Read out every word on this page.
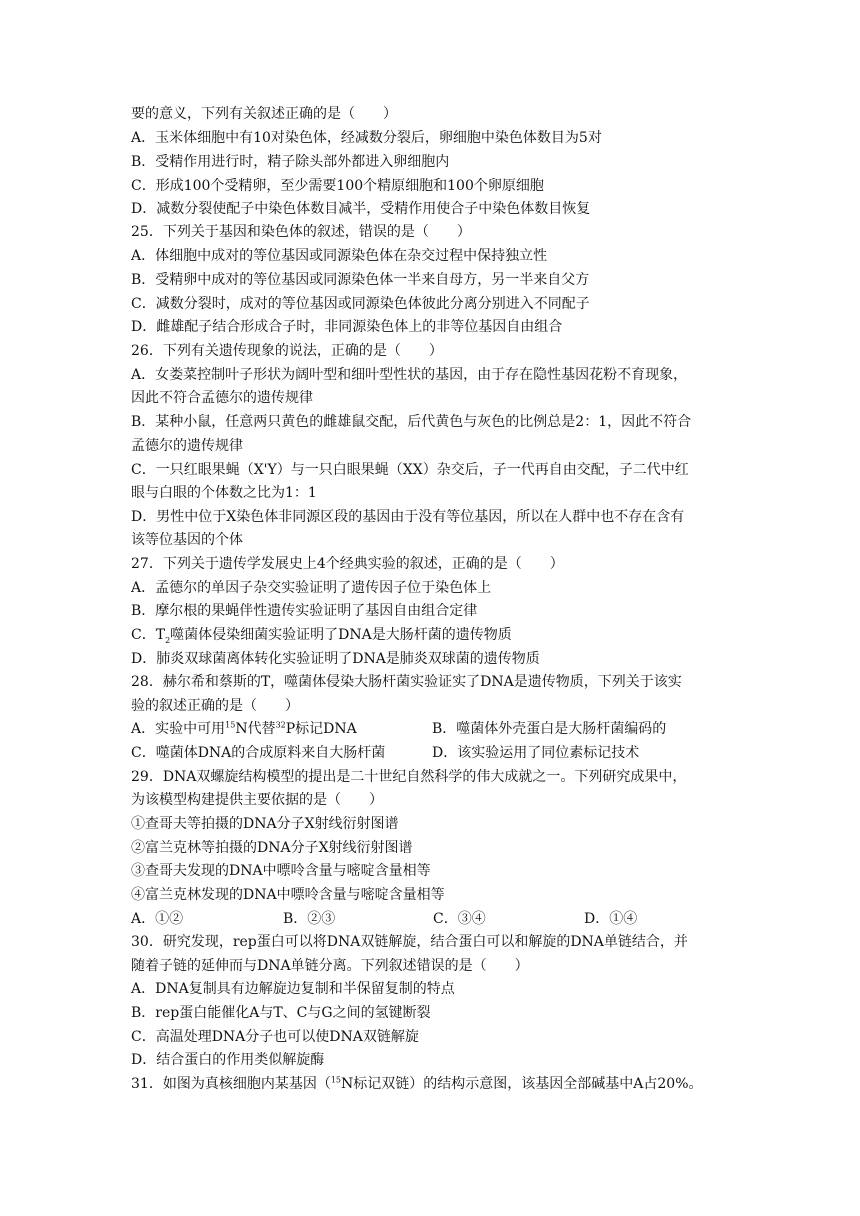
要的意义，下列有关叙述正确的是（　　）
A．玉米体细胞中有10对染色体，经减数分裂后，卵细胞中染色体数目为5对
B．受精作用进行时，精子除头部外都进入卵细胞内
C．形成100个受精卵，至少需要100个精原细胞和100个卵原细胞
D．减数分裂使配子中染色体数目减半，受精作用使合子中染色体数目恢复
25．下列关于基因和染色体的叙述，错误的是（　　）
A．体细胞中成对的等位基因或同源染色体在杂交过程中保持独立性
B．受精卵中成对的等位基因或同源染色体一半来自母方，另一半来自父方
C．减数分裂时，成对的等位基因或同源染色体彼此分离分别进入不同配子
D．雌雄配子结合形成合子时，非同源染色体上的非等位基因自由组合
26．下列有关遗传现象的说法，正确的是（　　）
A．女娄菜控制叶子形状为阔叶型和细叶型性状的基因，由于存在隐性基因花粉不育现象，
因此不符合孟德尔的遗传规律
B．某种小鼠，任意两只黄色的雌雄鼠交配，后代黄色与灰色的比例总是2：1，因此不符合
孟德尔的遗传规律
C．一只红眼果蝇（X'Y）与一只白眼果蝇（XX）杂交后，子一代再自由交配，子二代中红
眼与白眼的个体数之比为1：1
D．男性中位于X染色体非同源区段的基因由于没有等位基因，所以在人群中也不存在含有
该等位基因的个体
27．下列关于遗传学发展史上4个经典实验的叙述，正确的是（　　）
A．孟德尔的单因子杂交实验证明了遗传因子位于染色体上
B．摩尔根的果蝇伴性遗传实验证明了基因自由组合定律
C．$T_2$噬菌体侵染细菌实验证明了DNA是大肠杆菌的遗传物质
D．肺炎双球菌离体转化实验证明了DNA是肺炎双球菌的遗传物质
28．赫尔希和蔡斯的T，噬菌体侵染大肠杆菌实验证实了DNA是遗传物质，下列关于该实
验的叙述正确的是（　　）
A．实验中可用$^{15}$N代替$^{32}$P标记DNA	B．噬菌体外壳蛋白是大肠杆菌编码的
C．噬菌体DNA的合成原料来自大肠杆菌	D．该实验运用了同位素标记技术
29．DNA双螺旋结构模型的提出是二十世纪自然科学的伟大成就之一。下列研究成果中，
为该模型构建提供主要依据的是（　　）
①查哥夫等拍摄的DNA分子X射线衍射图谱
②富兰克林等拍摄的DNA分子X射线衍射图谱
③查哥夫发现的DNA中嘌呤含量与嘧啶含量相等
④富兰克林发现的DNA中嘌呤含量与嘧啶含量相等
A．①②	B．②③	C．③④	D．①④
30．研究发现，rep蛋白可以将DNA双链解旋，结合蛋白可以和解旋的DNA单链结合，并
随着子链的延伸而与DNA单链分离。下列叙述错误的是（　　）
A．DNA复制具有边解旋边复制和半保留复制的特点
B．rep蛋白能催化A与T、C与G之间的氢键断裂
C．高温处理DNA分子也可以使DNA双链解旋
D．结合蛋白的作用类似解旋酶
31．如图为真核细胞内某基因（$^{15}$N标记双链）的结构示意图，该基因全部碱基中A占20%。
